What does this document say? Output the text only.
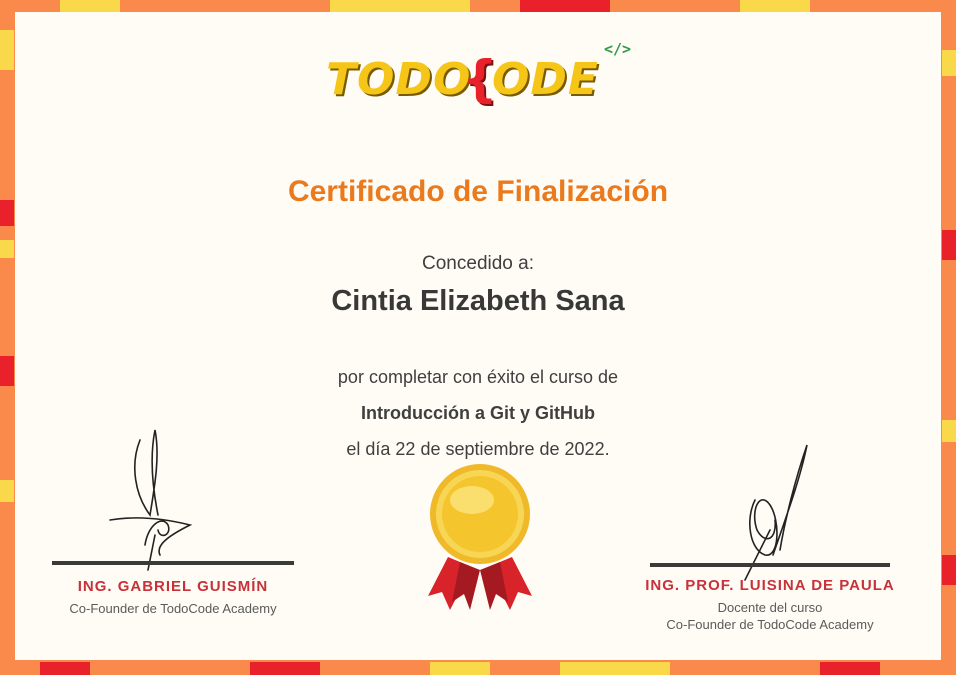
TODO
{
ODE
</>
Certificado de Finalización
Concedido a:
Cintia Elizabeth Sana
por completar con éxito el curso de
Introducción a Git y GitHub
el día 22 de septiembre de 2022.
ING. GABRIEL GUISMÍN
Co-Founder de TodoCode Academy
ING. PROF. LUISINA DE PAULA
Docente del curso
Co-Founder de TodoCode Academy
